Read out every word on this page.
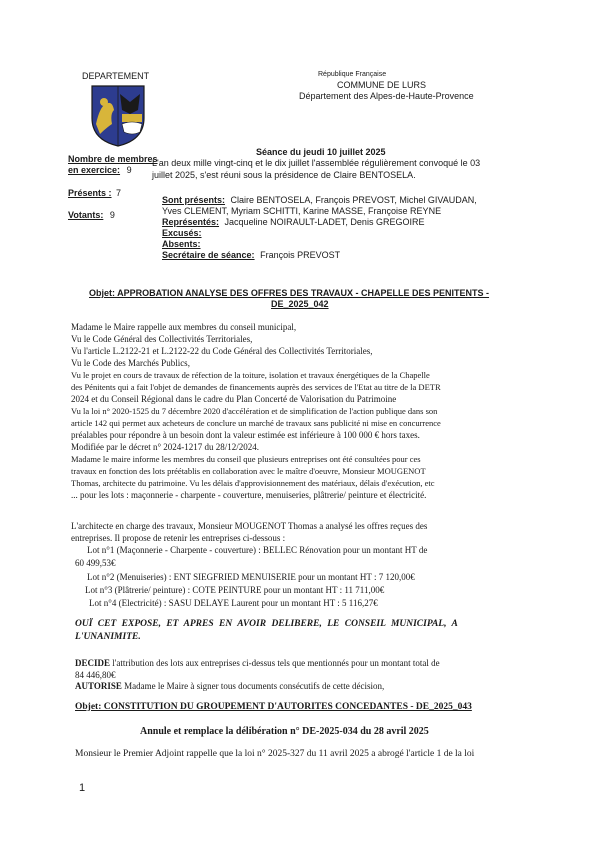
DEPARTEMENT	République Française
COMMUNE DE LURS
Département des Alpes-de-Haute-Provence
Nombre de membres
en exercice: 9
Présents : 7
Votants: 9
Séance du jeudi 10 juillet 2025
L'an deux mille vingt-cinq et le dix juillet l'assemblée régulièrement convoqué le 03
juillet 2025, s'est réuni sous la présidence de Claire BENTOSELA.
Sont présents: Claire BENTOSELA, François PREVOST, Michel GIVAUDAN,
Yves CLEMENT, Myriam SCHITTI, Karine MASSE, Françoise REYNE
Représentés: Jacqueline NOIRAULT-LADET, Denis GREGOIRE
Excusés:
Absents:
Secrétaire de séance: François PREVOST
Objet: APPROBATION ANALYSE DES OFFRES DES TRAVAUX - CHAPELLE DES PENITENTS -
DE_2025_042
Madame le Maire rappelle aux membres du conseil municipal,
Vu le Code Général des Collectivités Territoriales,
Vu l'article L.2122-21 et L.2122-22 du Code Général des Collectivités Territoriales,
Vu le Code des Marchés Publics,
Vu le projet en cours de travaux de réfection de la toiture, isolation et travaux énergétiques de la Chapelle
des Pénitents qui a fait l'objet de demandes de financements auprès des services de l'Etat au titre de la DETR
2024 et du Conseil Régional dans le cadre du Plan Concerté de Valorisation du Patrimoine
Vu la loi n° 2020-1525 du 7 décembre 2020 d'accélération et de simplification de l'action publique dans son
article 142 qui permet aux acheteurs de conclure un marché de travaux sans publicité ni mise en concurrence
préalables pour répondre à un besoin dont la valeur estimée est inférieure à 100 000 € hors taxes.
Modifiée par le décret n° 2024-1217 du 28/12/2024.
Madame le maire informe les membres du conseil que plusieurs entreprises ont été consultées pour ces
travaux en fonction des lots préétablis en collaboration avec le maître d'oeuvre, Monsieur MOUGENOT
Thomas, architecte du patrimoine. Vu les délais d'approvisionnement des matériaux, délais d'exécution, etc
... pour les lots : maçonnerie - charpente - couverture, menuiseries, plâtrerie/ peinture et électricité.
L'architecte en charge des travaux, Monsieur MOUGENOT Thomas a analysé les offres reçues des
entreprises. Il propose de retenir les entreprises ci-dessous :
Lot n°1 (Maçonnerie - Charpente - couverture) : BELLEC Rénovation pour un montant HT de
60 499,53€
Lot n°2 (Menuiseries) : ENT SIEGFRIED MENUISERIE pour un montant HT : 7 120,00€
Lot n°3 (Plâtrerie/ peinture) : COTE PEINTURE pour un montant HT : 11 711,00€
Lot n°4 (Electricité) : SASU DELAYE Laurent pour un montant HT : 5 116,27€
OUÏ CET EXPOSE, ET APRES EN AVOIR DELIBERE, LE CONSEIL MUNICIPAL, A
L'UNANIMITE.
DECIDE l'attribution des lots aux entreprises ci-dessus tels que mentionnés pour un montant total de
84 446,80€
AUTORISE Madame le Maire à signer tous documents consécutifs de cette décision,
Objet: CONSTITUTION DU GROUPEMENT D'AUTORITES CONCEDANTES - DE_2025_043
Annule et remplace la délibération n° DE-2025-034 du 28 avril 2025
Monsieur le Premier Adjoint rappelle que la loi n° 2025-327 du 11 avril 2025 a abrogé l'article 1 de la loi
1
